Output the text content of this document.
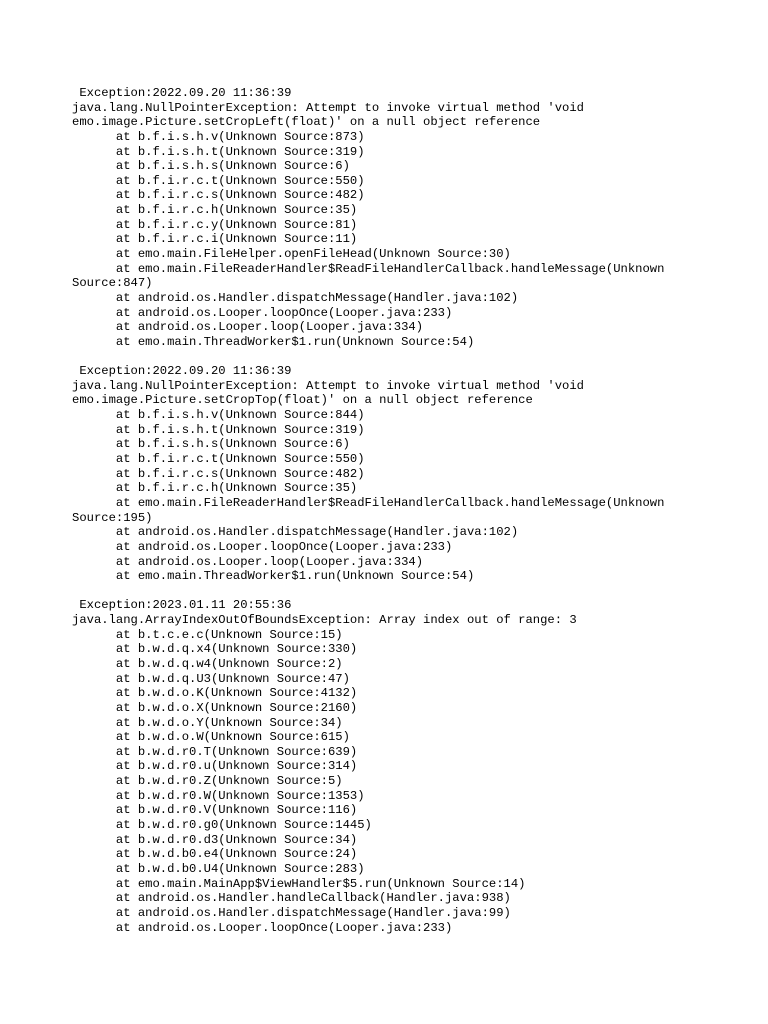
Exception:2022.09.20 11:36:39
java.lang.NullPointerException: Attempt to invoke virtual method 'void
emo.image.Picture.setCropLeft(float)' on a null object reference
at b.f.i.s.h.v(Unknown Source:873)
at b.f.i.s.h.t(Unknown Source:319)
at b.f.i.s.h.s(Unknown Source:6)
at b.f.i.r.c.t(Unknown Source:550)
at b.f.i.r.c.s(Unknown Source:482)
at b.f.i.r.c.h(Unknown Source:35)
at b.f.i.r.c.y(Unknown Source:81)
at b.f.i.r.c.i(Unknown Source:11)
at emo.main.FileHelper.openFileHead(Unknown Source:30)
at emo.main.FileReaderHandler$ReadFileHandlerCallback.handleMessage(Unknown
Source:847)
at android.os.Handler.dispatchMessage(Handler.java:102)
at android.os.Looper.loopOnce(Looper.java:233)
at android.os.Looper.loop(Looper.java:334)
at emo.main.ThreadWorker$1.run(Unknown Source:54)
Exception:2022.09.20 11:36:39
java.lang.NullPointerException: Attempt to invoke virtual method 'void
emo.image.Picture.setCropTop(float)' on a null object reference
at b.f.i.s.h.v(Unknown Source:844)
at b.f.i.s.h.t(Unknown Source:319)
at b.f.i.s.h.s(Unknown Source:6)
at b.f.i.r.c.t(Unknown Source:550)
at b.f.i.r.c.s(Unknown Source:482)
at b.f.i.r.c.h(Unknown Source:35)
at emo.main.FileReaderHandler$ReadFileHandlerCallback.handleMessage(Unknown
Source:195)
at android.os.Handler.dispatchMessage(Handler.java:102)
at android.os.Looper.loopOnce(Looper.java:233)
at android.os.Looper.loop(Looper.java:334)
at emo.main.ThreadWorker$1.run(Unknown Source:54)
Exception:2023.01.11 20:55:36
java.lang.ArrayIndexOutOfBoundsException: Array index out of range: 3
at b.t.c.e.c(Unknown Source:15)
at b.w.d.q.x4(Unknown Source:330)
at b.w.d.q.w4(Unknown Source:2)
at b.w.d.q.U3(Unknown Source:47)
at b.w.d.o.K(Unknown Source:4132)
at b.w.d.o.X(Unknown Source:2160)
at b.w.d.o.Y(Unknown Source:34)
at b.w.d.o.W(Unknown Source:615)
at b.w.d.r0.T(Unknown Source:639)
at b.w.d.r0.u(Unknown Source:314)
at b.w.d.r0.Z(Unknown Source:5)
at b.w.d.r0.W(Unknown Source:1353)
at b.w.d.r0.V(Unknown Source:116)
at b.w.d.r0.g0(Unknown Source:1445)
at b.w.d.r0.d3(Unknown Source:34)
at b.w.d.b0.e4(Unknown Source:24)
at b.w.d.b0.U4(Unknown Source:283)
at emo.main.MainApp$ViewHandler$5.run(Unknown Source:14)
at android.os.Handler.handleCallback(Handler.java:938)
at android.os.Handler.dispatchMessage(Handler.java:99)
at android.os.Looper.loopOnce(Looper.java:233)
